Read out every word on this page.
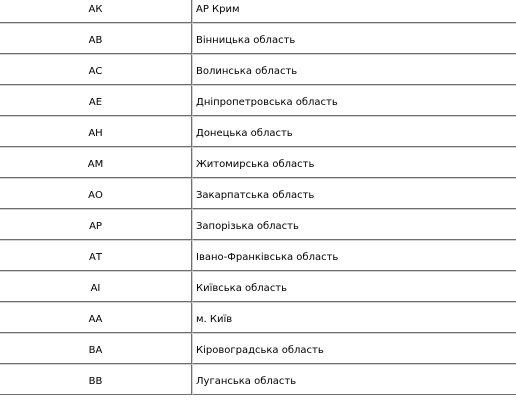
АК	АР Крим
АВ	Вінницька область
АС	Волинська область
АЕ	Дніпропетровська область
АН	Донецька область
АМ	Житомирська область
АО	Закарпатська область
АР	Запорізька область
АТ	Івано-Франківська область
АІ	Київська область
АА	м. Київ
ВА	Кіровоградська область
ВВ	Луганська область
